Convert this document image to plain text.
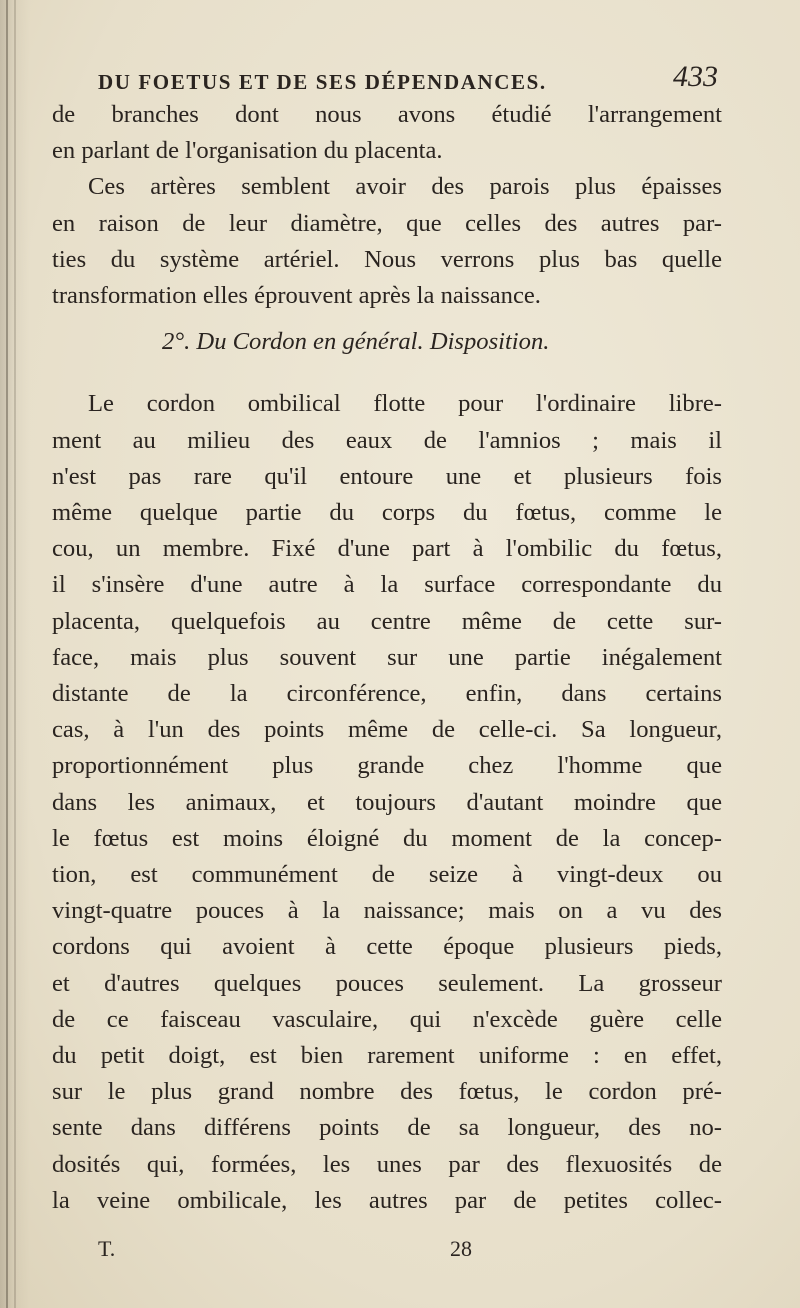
DU FOETUS ET DE SES DÉPENDANCES.	433
de branches dont nous avons étudié l'arrangement
en parlant de l'organisation du placenta.
Ces artères semblent avoir des parois plus épaisses
en raison de leur diamètre, que celles des autres par-
ties du système artériel. Nous verrons plus bas quelle
transformation elles éprouvent après la naissance.
2°. Du Cordon en général. Disposition.
Le cordon ombilical flotte pour l'ordinaire libre-
ment au milieu des eaux de l'amnios ; mais il
n'est pas rare qu'il entoure une et plusieurs fois
même quelque partie du corps du fœtus, comme le
cou, un membre. Fixé d'une part à l'ombilic du fœtus,
il s'insère d'une autre à la surface correspondante du
placenta, quelquefois au centre même de cette sur-
face, mais plus souvent sur une partie inégalement
distante de la circonférence, enfin, dans certains
cas, à l'un des points même de celle-ci. Sa longueur,
proportionnément plus grande chez l'homme que
dans les animaux, et toujours d'autant moindre que
le fœtus est moins éloigné du moment de la concep-
tion, est communément de seize à vingt-deux ou
vingt-quatre pouces à la naissance; mais on a vu des
cordons qui avoient à cette époque plusieurs pieds,
et d'autres quelques pouces seulement. La grosseur
de ce faisceau vasculaire, qui n'excède guère celle
du petit doigt, est bien rarement uniforme : en effet,
sur le plus grand nombre des fœtus, le cordon pré-
sente dans différens points de sa longueur, des no-
dosités qui, formées, les unes par des flexuosités de
la veine ombilicale, les autres par de petites collec-
T.	28
